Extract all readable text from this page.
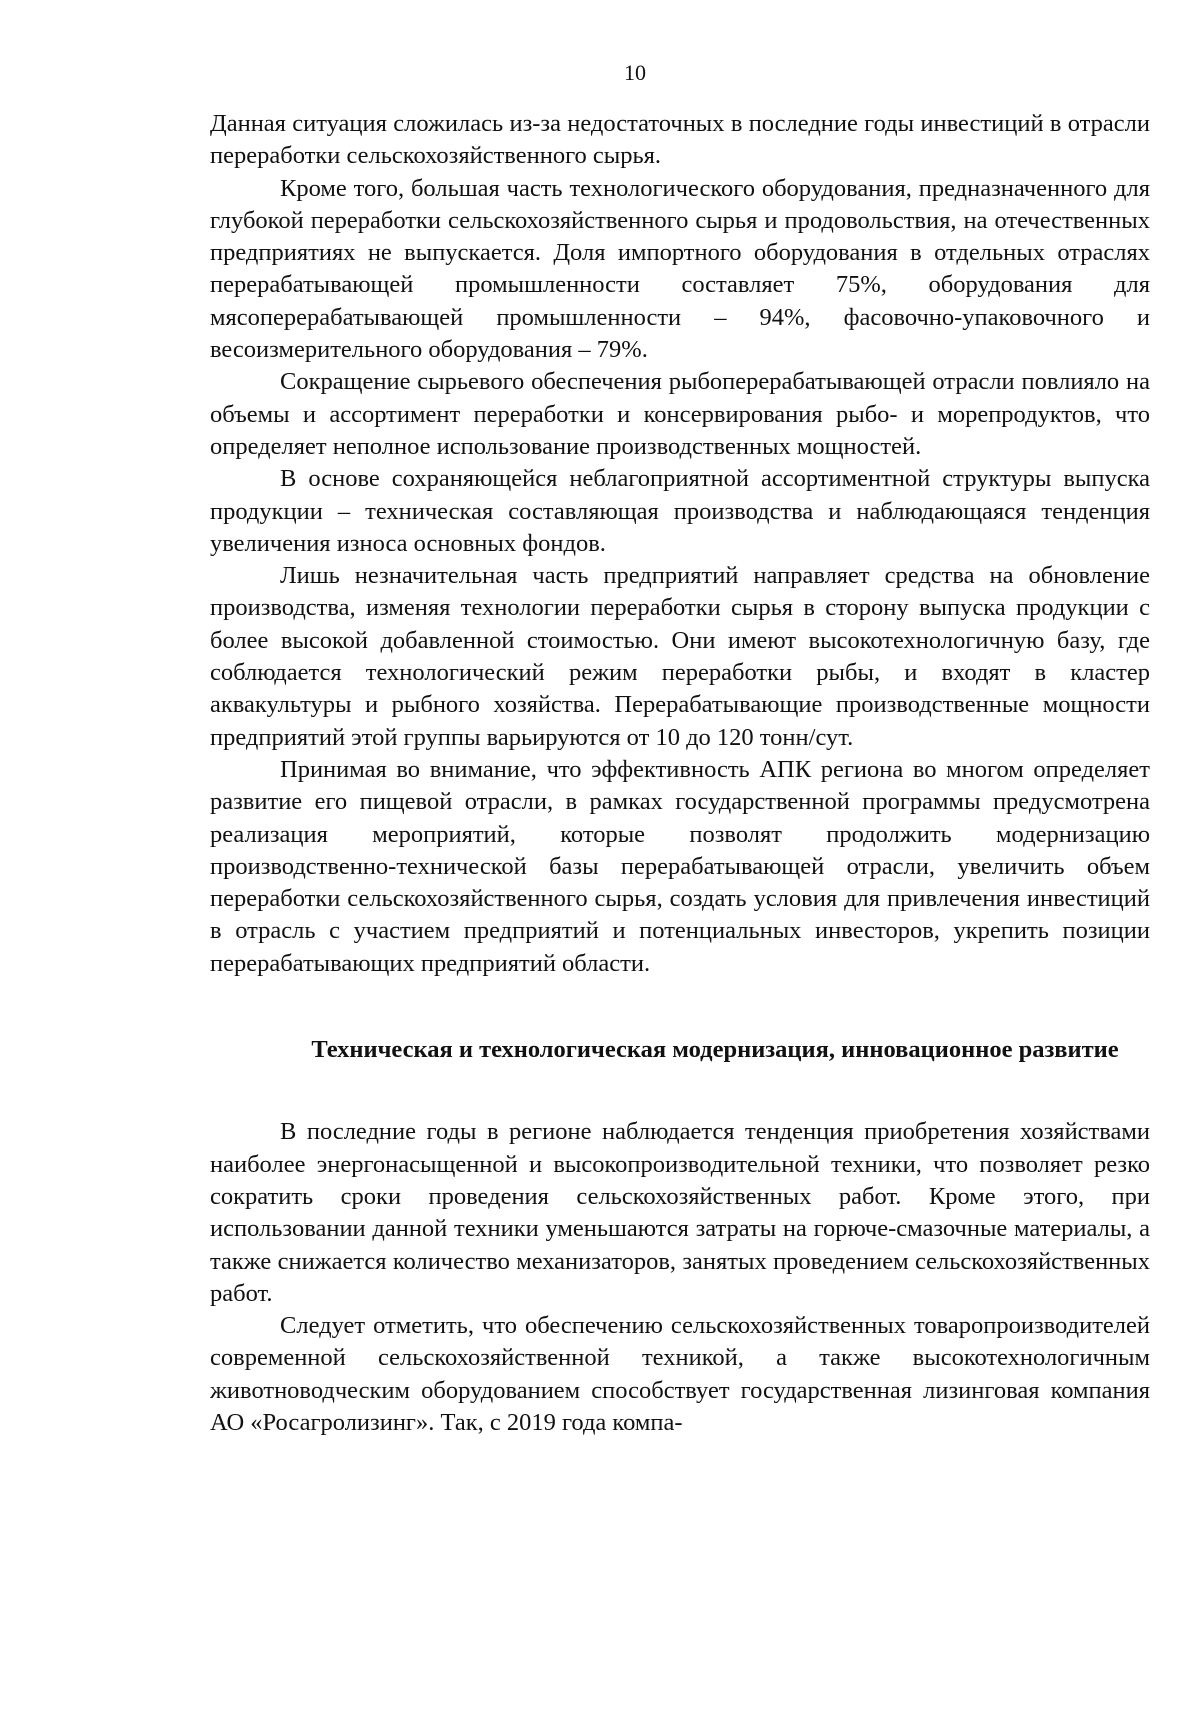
10

Данная ситуация сложилась из-за недостаточных в последние годы инвестиций в отрасли переработки сельскохозяйственного сырья.

Кроме того, большая часть технологического оборудования, предназначенного для глубокой переработки сельскохозяйственного сырья и продовольствия, на отечественных предприятиях не выпускается. Доля импортного оборудования в отдельных отраслях перерабатывающей промышленности составляет 75%, оборудования для мясоперерабатывающей промышленности – 94%, фасовочно-упаковочного и весоизмерительного оборудования – 79%.

Сокращение сырьевого обеспечения рыбоперерабатывающей отрасли повлияло на объемы и ассортимент переработки и консервирования рыбо- и морепродуктов, что определяет неполное использование производственных мощностей.

В основе сохраняющейся неблагоприятной ассортиментной структуры выпуска продукции – техническая составляющая производства и наблюдающаяся тенденция увеличения износа основных фондов.

Лишь незначительная часть предприятий направляет средства на обновление производства, изменяя технологии переработки сырья в сторону выпуска продукции с более высокой добавленной стоимостью. Они имеют высокотехнологичную базу, где соблюдается технологический режим переработки рыбы, и входят в кластер аквакультуры и рыбного хозяйства. Перерабатывающие производственные мощности предприятий этой группы варьируются от 10 до 120 тонн/сут.

Принимая во внимание, что эффективность АПК региона во многом определяет развитие его пищевой отрасли, в рамках государственной программы предусмотрена реализация мероприятий, которые позволят продолжить модернизацию производственно-технической базы перерабатывающей отрасли, увеличить объем переработки сельскохозяйственного сырья, создать условия для привлечения инвестиций в отрасль с участием предприятий и потенциальных инвесторов, укрепить позиции перерабатывающих предприятий области.

Техническая и технологическая модернизация, инновационное развитие

В последние годы в регионе наблюдается тенденция приобретения хозяйствами наиболее энергонасыщенной и высокопроизводительной техники, что позволяет резко сократить сроки проведения сельскохозяйственных работ. Кроме этого, при использовании данной техники уменьшаются затраты на горюче-смазочные материалы, а также снижается количество механизаторов, занятых проведением сельскохозяйственных работ.

Следует отметить, что обеспечению сельскохозяйственных товаропроизводителей современной сельскохозяйственной техникой, а также высокотехнологичным животноводческим оборудованием способствует государственная лизинговая компания АО «Росагролизинг». Так, с 2019 года компа-
